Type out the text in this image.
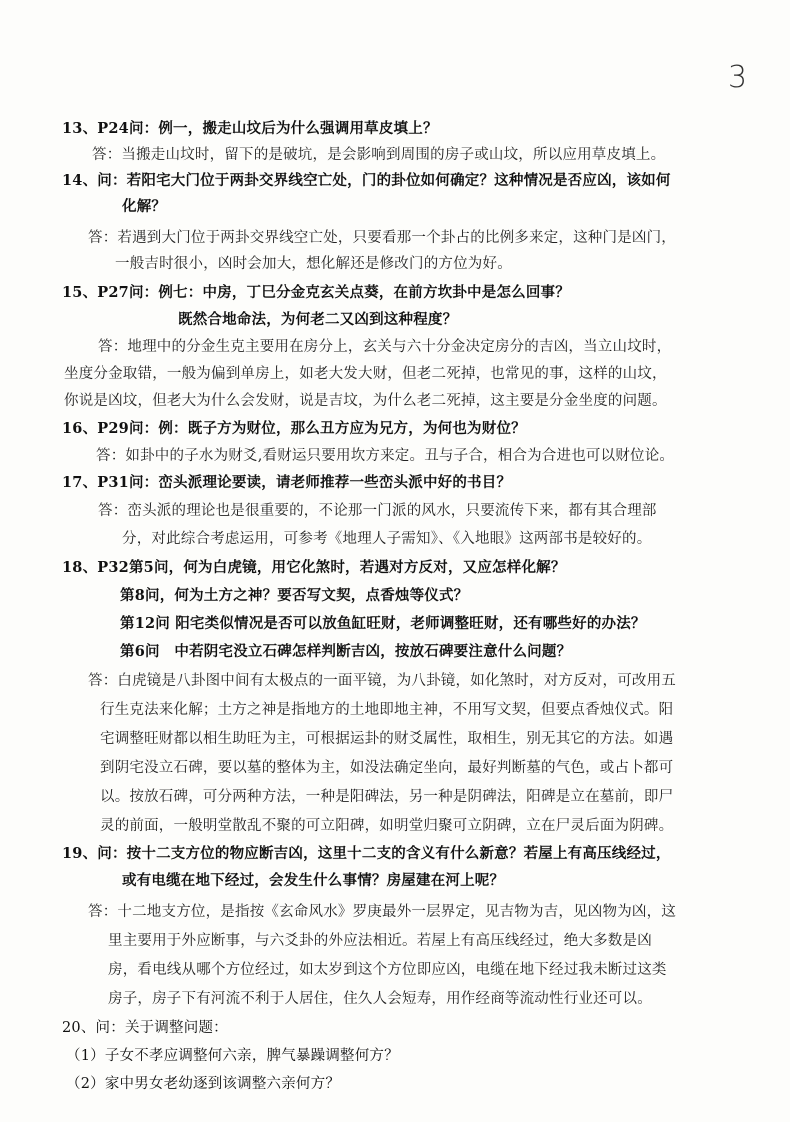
3
13、P24问：例一，搬走山坟后为什么强调用草皮填上？
答：当搬走山坟时，留下的是破坑，是会影响到周围的房子或山坟，所以应用草皮填上。
14、问：若阳宅大门位于两卦交界线空亡处，门的卦位如何确定？这种情况是否应凶，该如何
化解？
答：若遇到大门位于两卦交界线空亡处，只要看那一个卦占的比例多来定，这种门是凶门，
一般吉时很小，凶时会加大，想化解还是修改门的方位为好。
15、P27问：例七：中房，丁巳分金克玄关点葵，在前方坎卦中是怎么回事？
既然合地命法，为何老二又凶到这种程度？
答：地理中的分金生克主要用在房分上，玄关与六十分金决定房分的吉凶，当立山坟时，
坐度分金取错，一般为偏到单房上，如老大发大财，但老二死掉，也常见的事，这样的山坟，
你说是凶坟，但老大为什么会发财，说是吉坟，为什么老二死掉，这主要是分金坐度的问题。
16、P29问：例：既子方为财位，那么丑方应为兄方，为何也为财位？
答：如卦中的子水为财爻,看财运只要用坎方来定。丑与子合，相合为合进也可以财位论。
17、P31问：峦头派理论要读，请老师推荐一些峦头派中好的书目？
答：峦头派的理论也是很重要的，不论那一门派的风水，只要流传下来，都有其合理部
分，对此综合考虑运用，可参考《地理人子需知》、《入地眼》这两部书是较好的。
18、P32第5问，何为白虎镜，用它化煞时，若遇对方反对，又应怎样化解？
第8问，何为土方之神？要否写文契，点香烛等仪式？
第12问 阳宅类似情况是否可以放鱼缸旺财，老师调整旺财，还有哪些好的办法？
第6问　中若阴宅没立石碑怎样判断吉凶，按放石碑要注意什么问题？
答：白虎镜是八卦图中间有太极点的一面平镜，为八卦镜，如化煞时，对方反对，可改用五
行生克法来化解；土方之神是指地方的土地即地主神，不用写文契，但要点香烛仪式。阳
宅调整旺财都以相生助旺为主，可根据运卦的财爻属性，取相生，别无其它的方法。如遇
到阴宅没立石碑，要以墓的整体为主，如没法确定坐向，最好判断墓的气色，或占卜都可
以。按放石碑，可分两种方法，一种是阳碑法，另一种是阴碑法，阳碑是立在墓前，即尸
灵的前面，一般明堂散乱不聚的可立阳碑，如明堂归聚可立阴碑，立在尸灵后面为阴碑。
19、问：按十二支方位的物应断吉凶，这里十二支的含义有什么新意？若屋上有高压线经过，
或有电缆在地下经过，会发生什么事情？房屋建在河上呢？
答：十二地支方位，是指按《玄命风水》罗庚最外一层界定，见吉物为吉，见凶物为凶，这
里主要用于外应断事，与六爻卦的外应法相近。若屋上有高压线经过，绝大多数是凶
房，看电线从哪个方位经过，如太岁到这个方位即应凶，电缆在地下经过我未断过这类
房子，房子下有河流不利于人居住，住久人会短寿，用作经商等流动性行业还可以。
20、问：关于调整问题：
（1）子女不孝应调整何六亲，脾气暴躁调整何方？
（2）家中男女老幼逐到该调整六亲何方？
